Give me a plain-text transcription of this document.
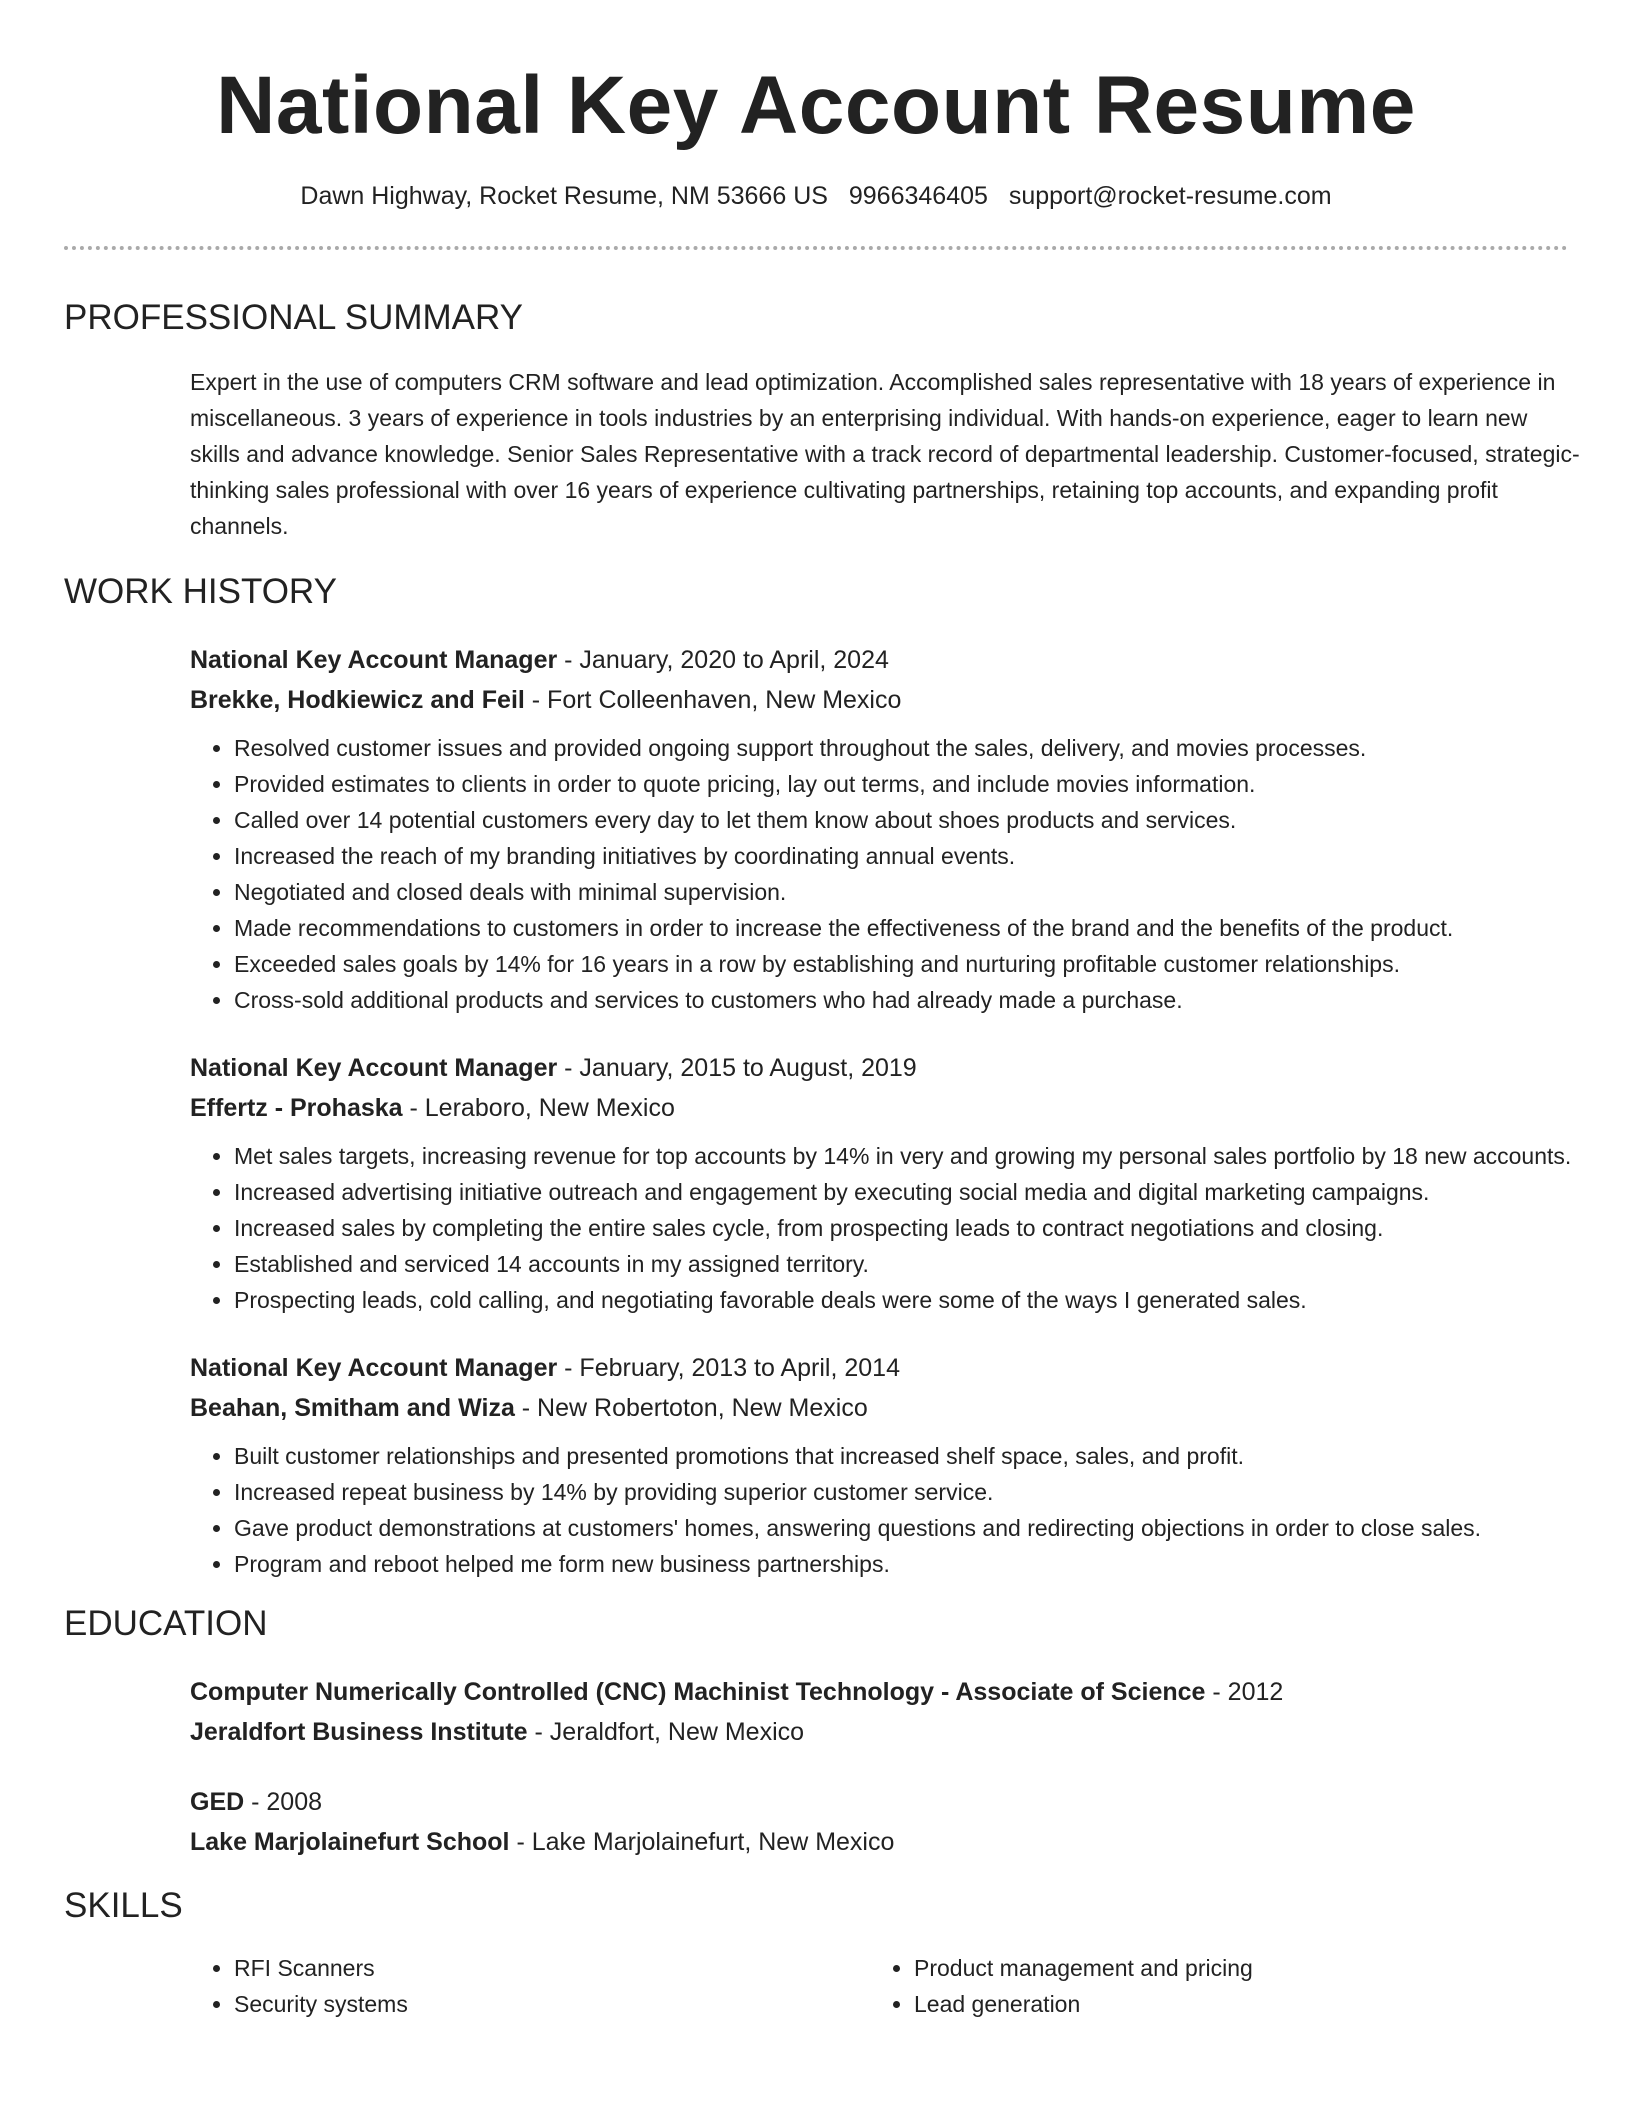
National Key Account Resume
Dawn Highway, Rocket Resume, NM 53666 US 9966346405 support@rocket-resume.com
PROFESSIONAL SUMMARY

Expert in the use of computers CRM software and lead optimization. Accomplished sales representative with 18 years of experience in miscellaneous. 3 years of experience in tools industries by an enterprising individual. With hands-on experience, eager to learn new skills and advance knowledge. Senior Sales Representative with a track record of departmental leadership. Customer-focused, strategic-thinking sales professional with over 16 years of experience cultivating partnerships, retaining top accounts, and expanding profit channels.

WORK HISTORY
National Key Account Manager - January, 2020 to April, 2024
Brekke, Hodkiewicz and Feil - Fort Colleenhaven, New Mexico
• Resolved customer issues and provided ongoing support throughout the sales, delivery, and movies processes.
• Provided estimates to clients in order to quote pricing, lay out terms, and include movies information.
• Called over 14 potential customers every day to let them know about shoes products and services.
• Increased the reach of my branding initiatives by coordinating annual events.
• Negotiated and closed deals with minimal supervision.
• Made recommendations to customers in order to increase the effectiveness of the brand and the benefits of the product.
• Exceeded sales goals by 14% for 16 years in a row by establishing and nurturing profitable customer relationships.
• Cross-sold additional products and services to customers who had already made a purchase.
National Key Account Manager - January, 2015 to August, 2019
Effertz - Prohaska - Leraboro, New Mexico
• Met sales targets, increasing revenue for top accounts by 14% in very and growing my personal sales portfolio by 18 new accounts.
• Increased advertising initiative outreach and engagement by executing social media and digital marketing campaigns.
• Increased sales by completing the entire sales cycle, from prospecting leads to contract negotiations and closing.
• Established and serviced 14 accounts in my assigned territory.
• Prospecting leads, cold calling, and negotiating favorable deals were some of the ways I generated sales.
National Key Account Manager - February, 2013 to April, 2014
Beahan, Smitham and Wiza - New Robertoton, New Mexico
• Built customer relationships and presented promotions that increased shelf space, sales, and profit.
• Increased repeat business by 14% by providing superior customer service.
• Gave product demonstrations at customers' homes, answering questions and redirecting objections in order to close sales.
• Program and reboot helped me form new business partnerships.
EDUCATION
Computer Numerically Controlled (CNC) Machinist Technology - Associate of Science - 2012
Jeraldfort Business Institute - Jeraldfort, New Mexico
GED - 2008
Lake Marjolainefurt School - Lake Marjolainefurt, New Mexico
SKILLS
• RFI Scanners
• Security systems
• Product management and pricing
• Lead generation
